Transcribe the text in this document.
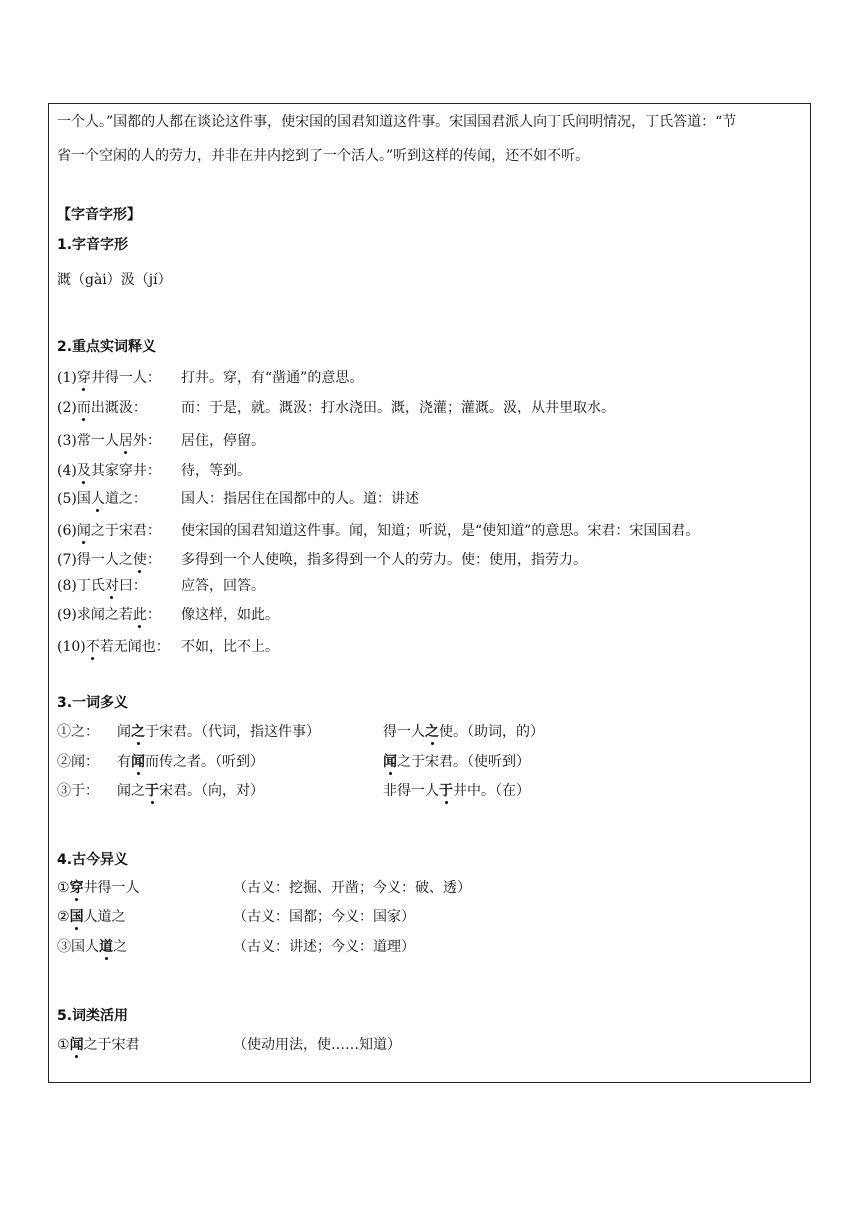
一个人。”国都的人都在谈论这件事，使宋国的国君知道这件事。宋国国君派人向丁氏问明情况，丁氏答道：“节
省一个空闲的人的劳力，并非在井内挖到了一个活人。”听到这样的传闻，还不如不听。
【字音字形】
1.字音字形
溉（gài）汲（jí）
2.重点实词释义
(1)穿井得一人： 打井。穿，有“凿通”的意思。
(2)而出溉汲： 而：于是，就。溉汲：打水浇田。溉，浇灌；灌溉。汲，从井里取水。
(3)常一人居外： 居住，停留。
(4)及其家穿井： 待，等到。
(5)国人道之： 国人：指居住在国都中的人。道：讲述
(6)闻之于宋君： 使宋国的国君知道这件事。闻，知道；听说，是“使知道”的意思。宋君：宋国国君。
(7)得一人之使： 多得到一个人使唤，指多得到一个人的劳力。使：使用，指劳力。
(8)丁氏对曰： 应答，回答。
(9)求闻之若此： 像这样，如此。
(10)不若无闻也： 不如，比不上。
3.一词多义
①之： 闻之于宋君。（代词，指这件事）	得一人之使。（助词，的）
②闻： 有闻而传之者。（听到）	闻之于宋君。（使听到）
③于： 闻之于宋君。（向，对）	非得一人于井中。（在）
4.古今异义
①穿井得一人	（古义：挖掘、开凿；今义：破、透）
②国人道之	（古义：国都；今义：国家）
③国人道之	（古义：讲述；今义：道理）
5.词类活用
①闻之于宋君	（使动用法，使……知道）
